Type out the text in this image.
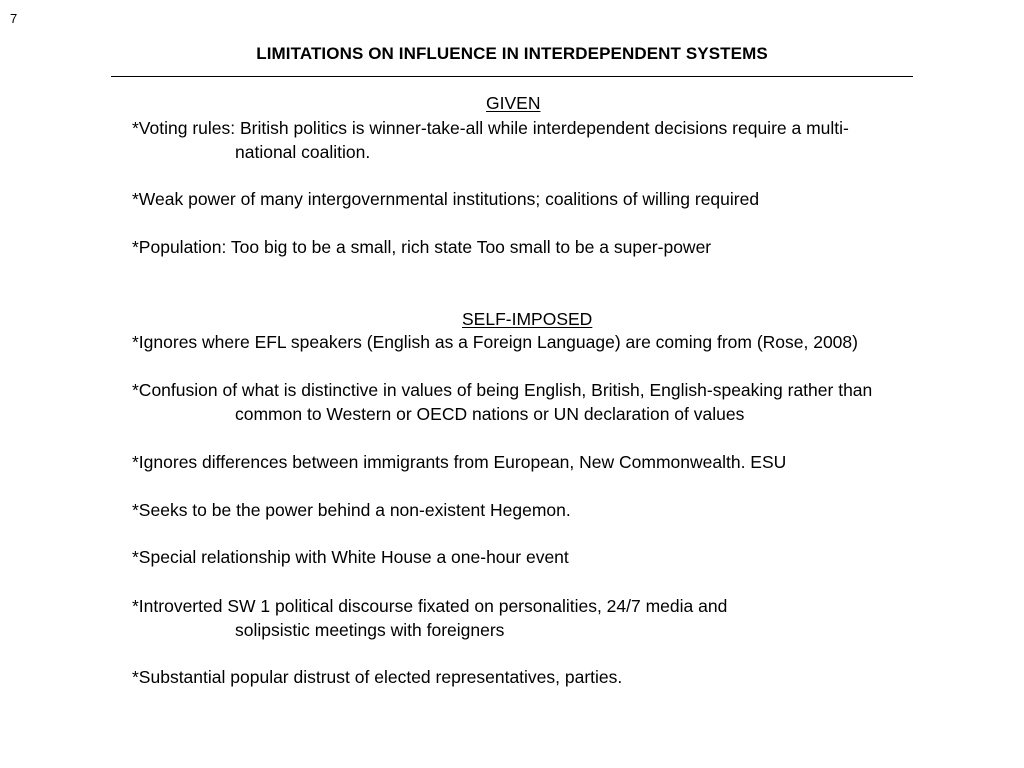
7
LIMITATIONS ON INFLUENCE IN INTERDEPENDENT SYSTEMS
GIVEN
*Voting rules: British politics is winner-take-all while interdependent decisions require a multi-
national coalition.
*Weak power of many intergovernmental institutions; coalitions of willing required
*Population: Too big to be a small, rich state Too small to be a super-power
SELF-IMPOSED
*Ignores where EFL speakers (English as a Foreign Language) are coming from (Rose, 2008)
*Confusion of what is distinctive in values of being English, British, English-speaking rather than
common to Western or OECD nations or UN declaration of values
*Ignores differences between immigrants from European, New Commonwealth. ESU
*Seeks to be the power behind a non-existent Hegemon.
*Special relationship with White House a one-hour event
*Introverted SW 1 political discourse fixated on personalities, 24/7 media and
solipsistic meetings with foreigners
*Substantial popular distrust of elected representatives, parties.
